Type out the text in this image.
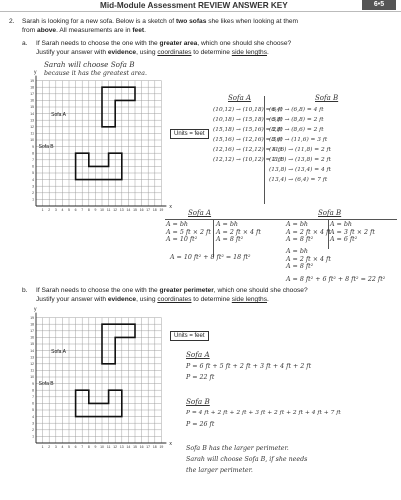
Mid-Module Assessment REVIEW ANSWER KEY	6•5
2. Sarah is looking for a new sofa. Below is a sketch of two sofas she likes when looking at them
from above. All measurements are in feet.
a. If Sarah needs to choose the one with the greater area, which one should she choose?
Justify your answer with evidence, using coordinates to determine side lengths.
Sarah will choose Sofa B
because it has the greatest area.
1
1
2
2
3
3
4
4
5
5
6
6
7
7
8
8
9
9
10
10
11
11
12
12
13
13
14
14
15
15
16
16
17
17
18
18
19
19
x
y
Sofa A
Sofa B
Units = feet
Sofa A
(10,12) → (10,18) = 6 ft
(10,18) → (15,18) = 5 ft
(15,18) → (15,16) = 2 ft
(15,16) → (12,16) = 3 ft
(12,16) → (12,12) = 4 ft
(12,12) → (10,12) = 2 ft
Sofa B
(6,4) → (6,8) = 4 ft
(6,8) → (8,8) = 2 ft
(8,8) → (8,6) = 2 ft
(8,6) → (11,6) = 3 ft
(11,6) → (11,8) = 2 ft
(11,8) → (13,8) = 2 ft
(13,8) → (13,4) = 4 ft
(13,4) → (6,4) = 7 ft
Sofa A
A = bh
A = 5 ft × 2 ft
A = 10 ft²
A = bh
A = 2 ft × 4 ft
A = 8 ft²
A = 10 ft² + 8 ft² = 18 ft²
Sofa B
A = bh
A = 2 ft × 4 ft
A = 8 ft²
A = bh
A = 3 ft × 2 ft
A = 6 ft²
A = bh
A = 2 ft × 4 ft
A = 8 ft²
A = 8 ft² + 6 ft² + 8 ft² = 22 ft²
b. If Sarah needs to choose the one with the greater perimeter, which one should she choose?
Justify your answer with evidence, using coordinates to determine side lengths.
1
1
2
2
3
3
4
4
5
5
6
6
7
7
8
8
9
9
10
10
11
11
12
12
13
13
14
14
15
15
16
16
17
17
18
18
19
19
x
y
Sofa A
Sofa B
Units = feet
Sofa A
P = 6 ft + 5 ft + 2 ft + 3 ft + 4 ft + 2 ft
P = 22 ft
Sofa B
P = 4 ft + 2 ft + 2 ft + 3 ft + 2 ft + 2 ft + 4 ft + 7 ft
P = 26 ft
Sofa B has the larger perimeter.
Sarah will choose Sofa B, if she needs
the larger perimeter.
